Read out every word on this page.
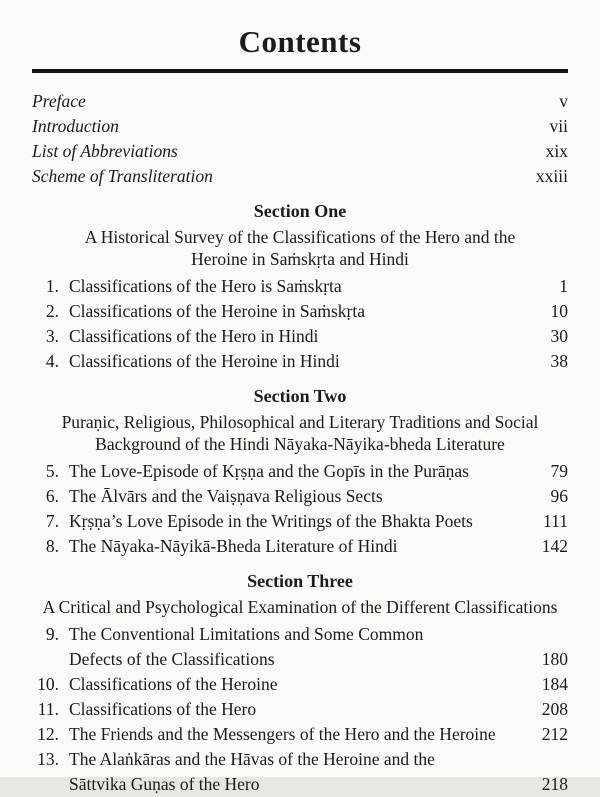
Contents
Preface	v
Introduction	vii
List of Abbreviations	xix
Scheme of Transliteration	xxiii
Section One
A Historical Survey of the Classifications of the Hero and the
Heroine in Saṁskṛta and Hindi
1. Classifications of the Hero is Saṁskṛta	1
2. Classifications of the Heroine in Saṁskṛta	10
3. Classifications of the Hero in Hindi	30
4. Classifications of the Heroine in Hindi	38
Section Two
Puraṇic, Religious, Philosophical and Literary Traditions and Social
Background of the Hindi Nāyaka-Nāyika-bheda Literature
5. The Love-Episode of Kṛṣṇa and the Gopīs in the Purāṇas	79
6. The Ālvārs and the Vaiṣṇava Religious Sects	96
7. Kṛṣṇa’s Love Episode in the Writings of the Bhakta Poets	111
8. The Nāyaka-Nāyikā-Bheda Literature of Hindi	142
Section Three
A Critical and Psychological Examination of the Different Classifications
9. The Conventional Limitations and Some Common
Defects of the Classifications	180
10. Classifications of the Heroine	184
11. Classifications of the Hero	208
12. The Friends and the Messengers of the Hero and the Heroine	212
13. The Alaṅkāras and the Hāvas of the Heroine and the
Sāttvika Guṇas of the Hero	218
